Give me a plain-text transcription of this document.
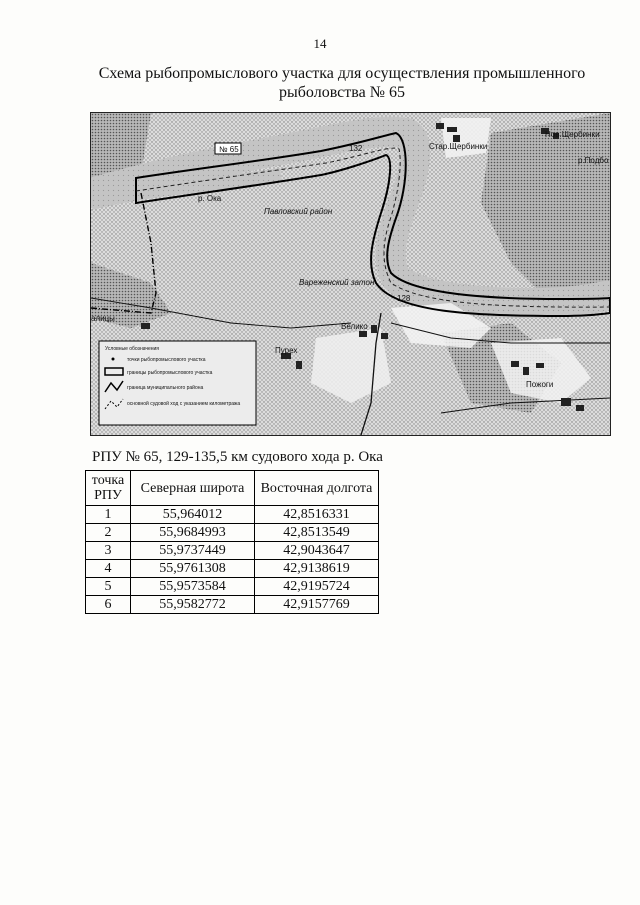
14
Схема рыбопромыслового участка для осуществления промышленного
рыболовства № 65
№ 65
р. Ока
Павловский район
Вареженский затон
Стар.Щербинки
Нов.Щербинки
р.Подбо
Велико
Пурех
Пожоги
алицы
132
128
Условные обозначения
точки рыбопромыслового участка
границы рыбопромыслового участка
граница муниципального района
основной судовой ход с указанием километража
РПУ № 65, 129-135,5 км судового хода р. Ока
точка РПУ	Северная широта	Восточная долгота
1	55,964012	42,8516331
2	55,9684993	42,8513549
3	55,9737449	42,9043647
4	55,9761308	42,9138619
5	55,9573584	42,9195724
6	55,9582772	42,9157769
